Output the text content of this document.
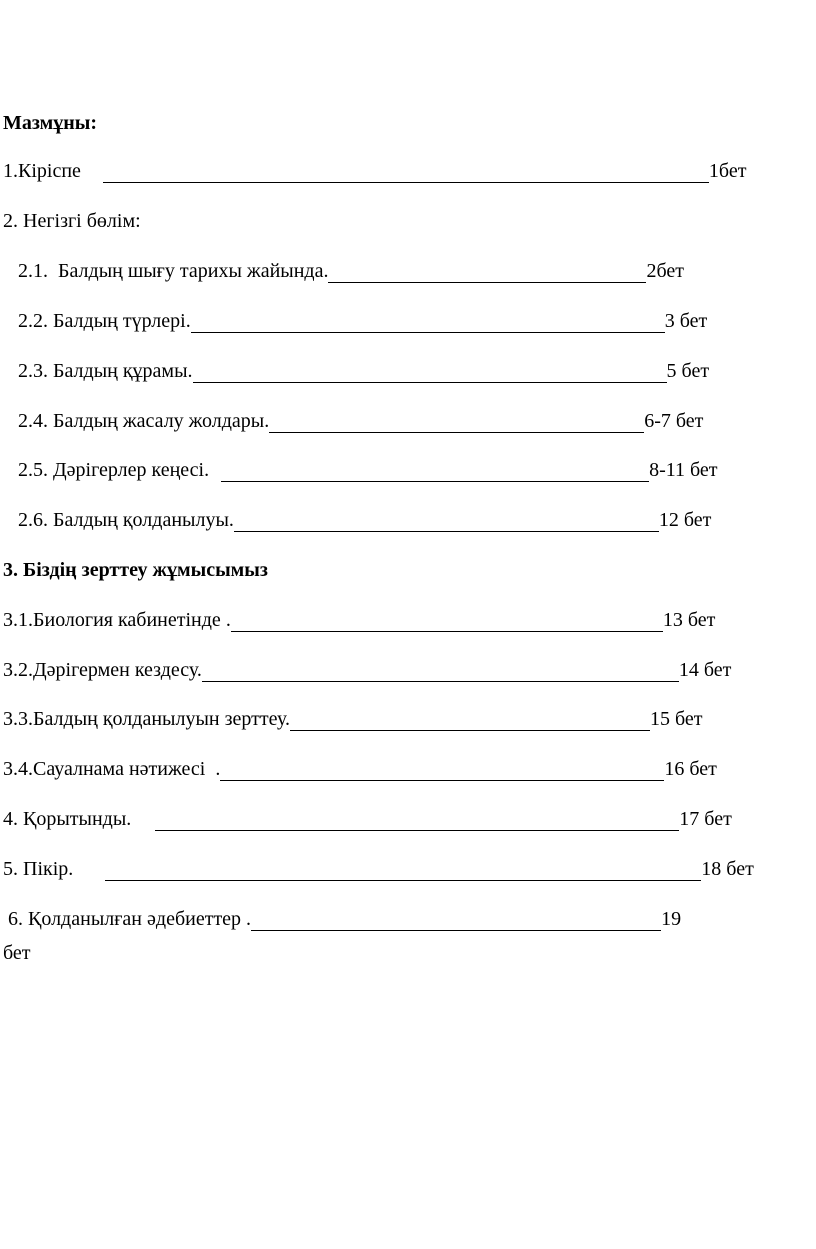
Мазмұны:
1.Кіріспе	1бет
2. Негізгі бөлім:
2.1.  Балдың шығу тарихы жайында.	2бет
2.2. Балдың түрлері.	3 бет
2.3. Балдың құрамы.	5 бет
2.4. Балдың жасалу жолдары.	6-7 бет
2.5. Дәрігерлер кеңесі.	8-11 бет
2.6. Балдың қолданылуы.	12 бет
3. Біздің зерттеу жұмысымыз
3.1.Биология кабинетінде .	13 бет
3.2.Дәрігермен кездесу.	14 бет
3.3.Балдың қолданылуын зерттеу.	15 бет
3.4.Сауалнама нәтижесі  .	16 бет
4. Қорытынды.	17 бет
5. Пікір.	18 бет
6. Қолданылған әдебиеттер .	19
бет
